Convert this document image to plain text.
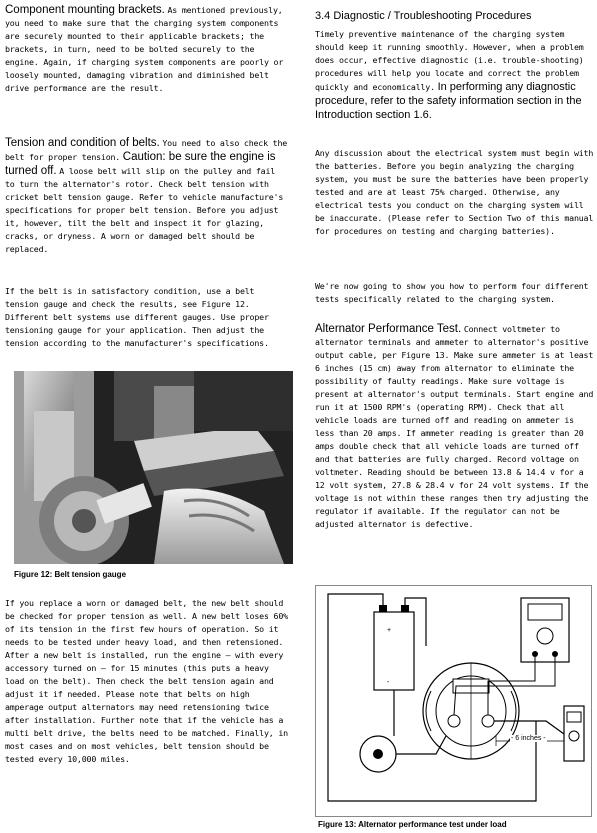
Component mounting brackets. As mentioned previously, you need to make sure that the charging system components are securely mounted to their applicable brackets; the brackets, in turn, need to be bolted securely to the engine. Again, if charging system components are poorly or loosely mounted, damaging vibration and diminished belt drive performance are the result.

Tension and condition of belts. You need to also check the belt for proper tension. Caution: be sure the engine is turned off. A loose belt will slip on the pulley and fail to turn the alternator's rotor. Check belt tension with cricket belt tension gauge. Refer to vehicle manufacture's specifications for proper belt tension. Before you adjust it, however, tilt the belt and inspect it for glazing, cracks, or dryness. A worn or damaged belt should be replaced.

If the belt is in satisfactory condition, use a belt tension gauge and check the results, see Figure 12. Different belt systems use different gauges. Use proper tensioning gauge for your application. Then adjust the tension according to the manufacturer's specifications.

Figure 12: Belt tension gauge

If you replace a worn or damaged belt, the new belt should be checked for proper tension as well. A new belt loses 60% of its tension in the first few hours of operation. So it needs to be tested under heavy load, and then retensioned. After a new belt is installed, run the engine – with every accessory turned on – for 15 minutes (this puts a heavy load on the belt). Then check the belt tension again and adjust it if needed. Please note that belts on high amperage output alternators may need retensioning twice after installation. Further note that if the vehicle has a multi belt drive, the belts need to be matched. Finally, in most cases and on most vehicles, belt tension should be tested every 10,000 miles.

3.4 Diagnostic / Troubleshooting Procedures

Timely preventive maintenance of the charging system should keep it running smoothly. However, when a problem does occur, effective diagnostic (i.e. trouble-shooting) procedures will help you locate and correct the problem quickly and economically. In performing any diagnostic procedure, refer to the safety information section in the Introduction section 1.6.

Any discussion about the electrical system must begin with the batteries. Before you begin analyzing the charging system, you must be sure the batteries have been properly tested and are at least 75% charged. Otherwise, any electrical tests you conduct on the charging system will be inaccurate. (Please refer to Section Two of this manual for procedures on testing and charging batteries).

We're now going to show you how to perform four different tests specifically related to the charging system.

Alternator Performance Test. Connect voltmeter to alternator terminals and ammeter to alternator's positive output cable, per Figure 13. Make sure ammeter is at least 6 inches (15 cm) away from alternator to eliminate the possibility of faulty readings. Make sure voltage is present at alternator's output terminals. Start engine and run it at 1500 RPM's (operating RPM). Check that all vehicle loads are turned off and reading on ammeter is less than 20 amps. If ammeter reading is greater than 20 amps double check that all vehicle loads are turned off and that batteries are fully charged. Record voltage on voltmeter. Reading should be between 13.8 & 14.4 v for a 12 volt system, 27.8 & 28.4 v for 24 volt systems. If the voltage is not within these ranges then try adjusting the regulator if available. If the regulator can not be adjusted alternator is defective.

+
-
- 6 inches -
Figure 13: Alternator performance test under load
